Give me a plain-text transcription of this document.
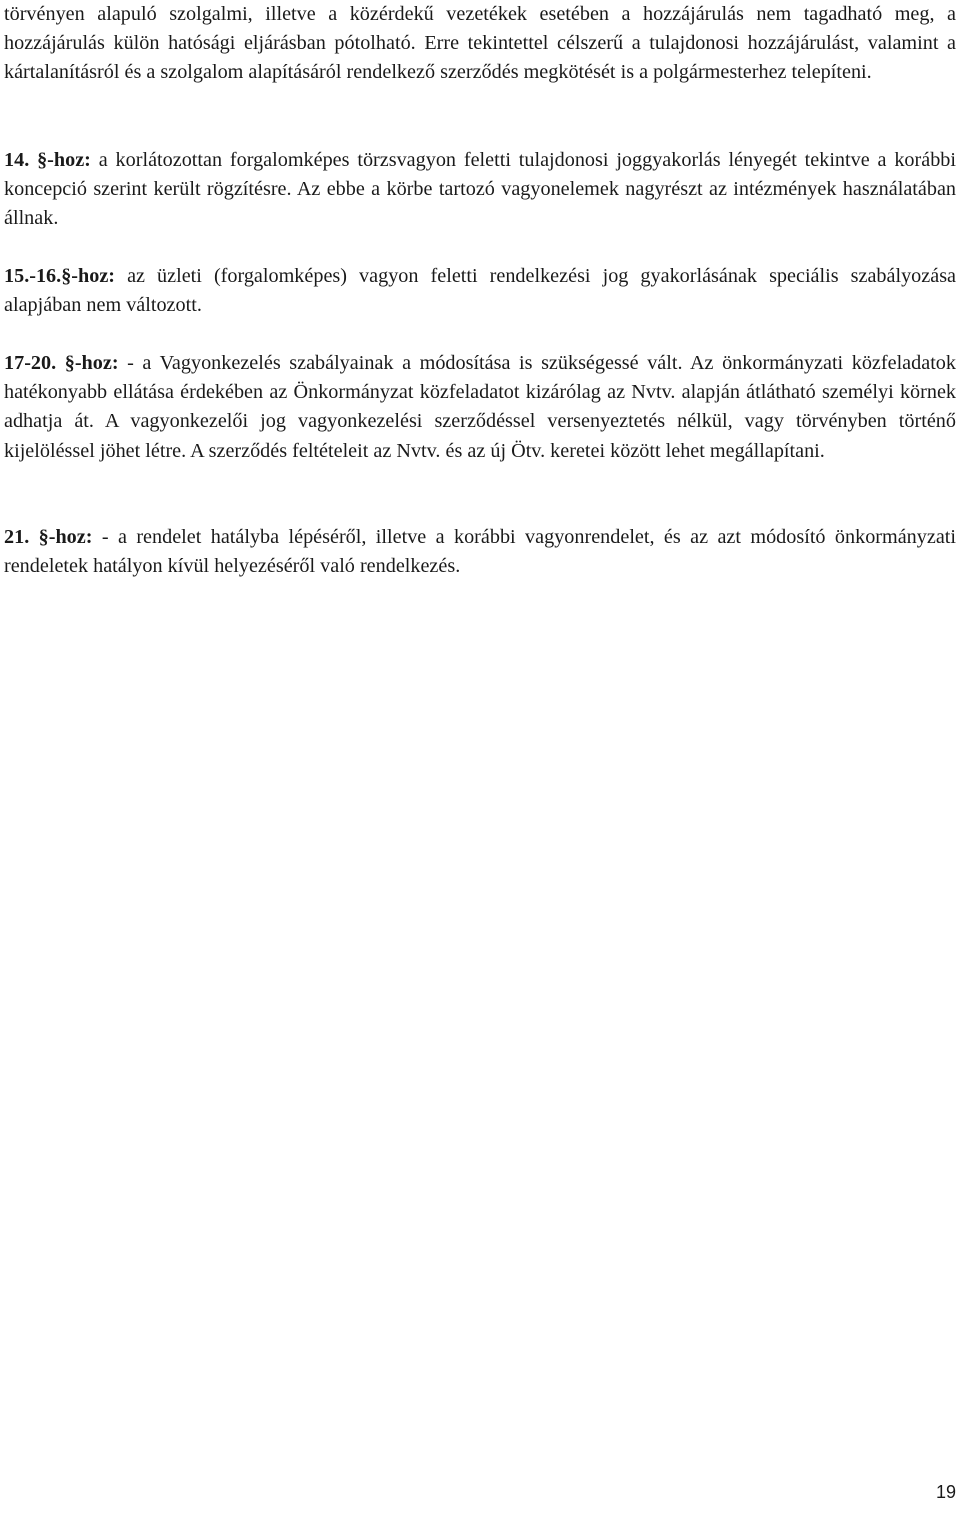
törvényen alapuló szolgalmi, illetve a közérdekű vezetékek esetében a hozzájárulás nem tagadható meg, a hozzájárulás külön hatósági eljárásban pótolható. Erre tekintettel célszerű a tulajdonosi hozzájárulást, valamint a kártalanításról és a szolgalom alapításáról rendelkező szerződés megkötését is a polgármesterhez telepíteni.

14. §-hoz: a korlátozottan forgalomképes törzsvagyon feletti tulajdonosi joggyakorlás lényegét tekintve a korábbi koncepció szerint került rögzítésre. Az ebbe a körbe tartozó vagyonelemek nagyrészt az intézmények használatában állnak.

15.-16.§-hoz: az üzleti (forgalomképes) vagyon feletti rendelkezési jog gyakorlásának speciális szabályozása alapjában nem változott.

17-20. §-hoz: - a Vagyonkezelés szabályainak a módosítása is szükségessé vált. Az önkormányzati közfeladatok hatékonyabb ellátása érdekében az Önkormányzat közfeladatot kizárólag az Nvtv. alapján átlátható személyi körnek adhatja át. A vagyonkezelői jog vagyonkezelési szerződéssel versenyeztetés nélkül, vagy törvényben történő kijelöléssel jöhet létre. A szerződés feltételeit az Nvtv. és az új Ötv. keretei között lehet megállapítani.

21. §-hoz: - a rendelet hatályba lépéséről, illetve a korábbi vagyonrendelet, és az azt módosító önkormányzati rendeletek hatályon kívül helyezéséről való rendelkezés.

19
